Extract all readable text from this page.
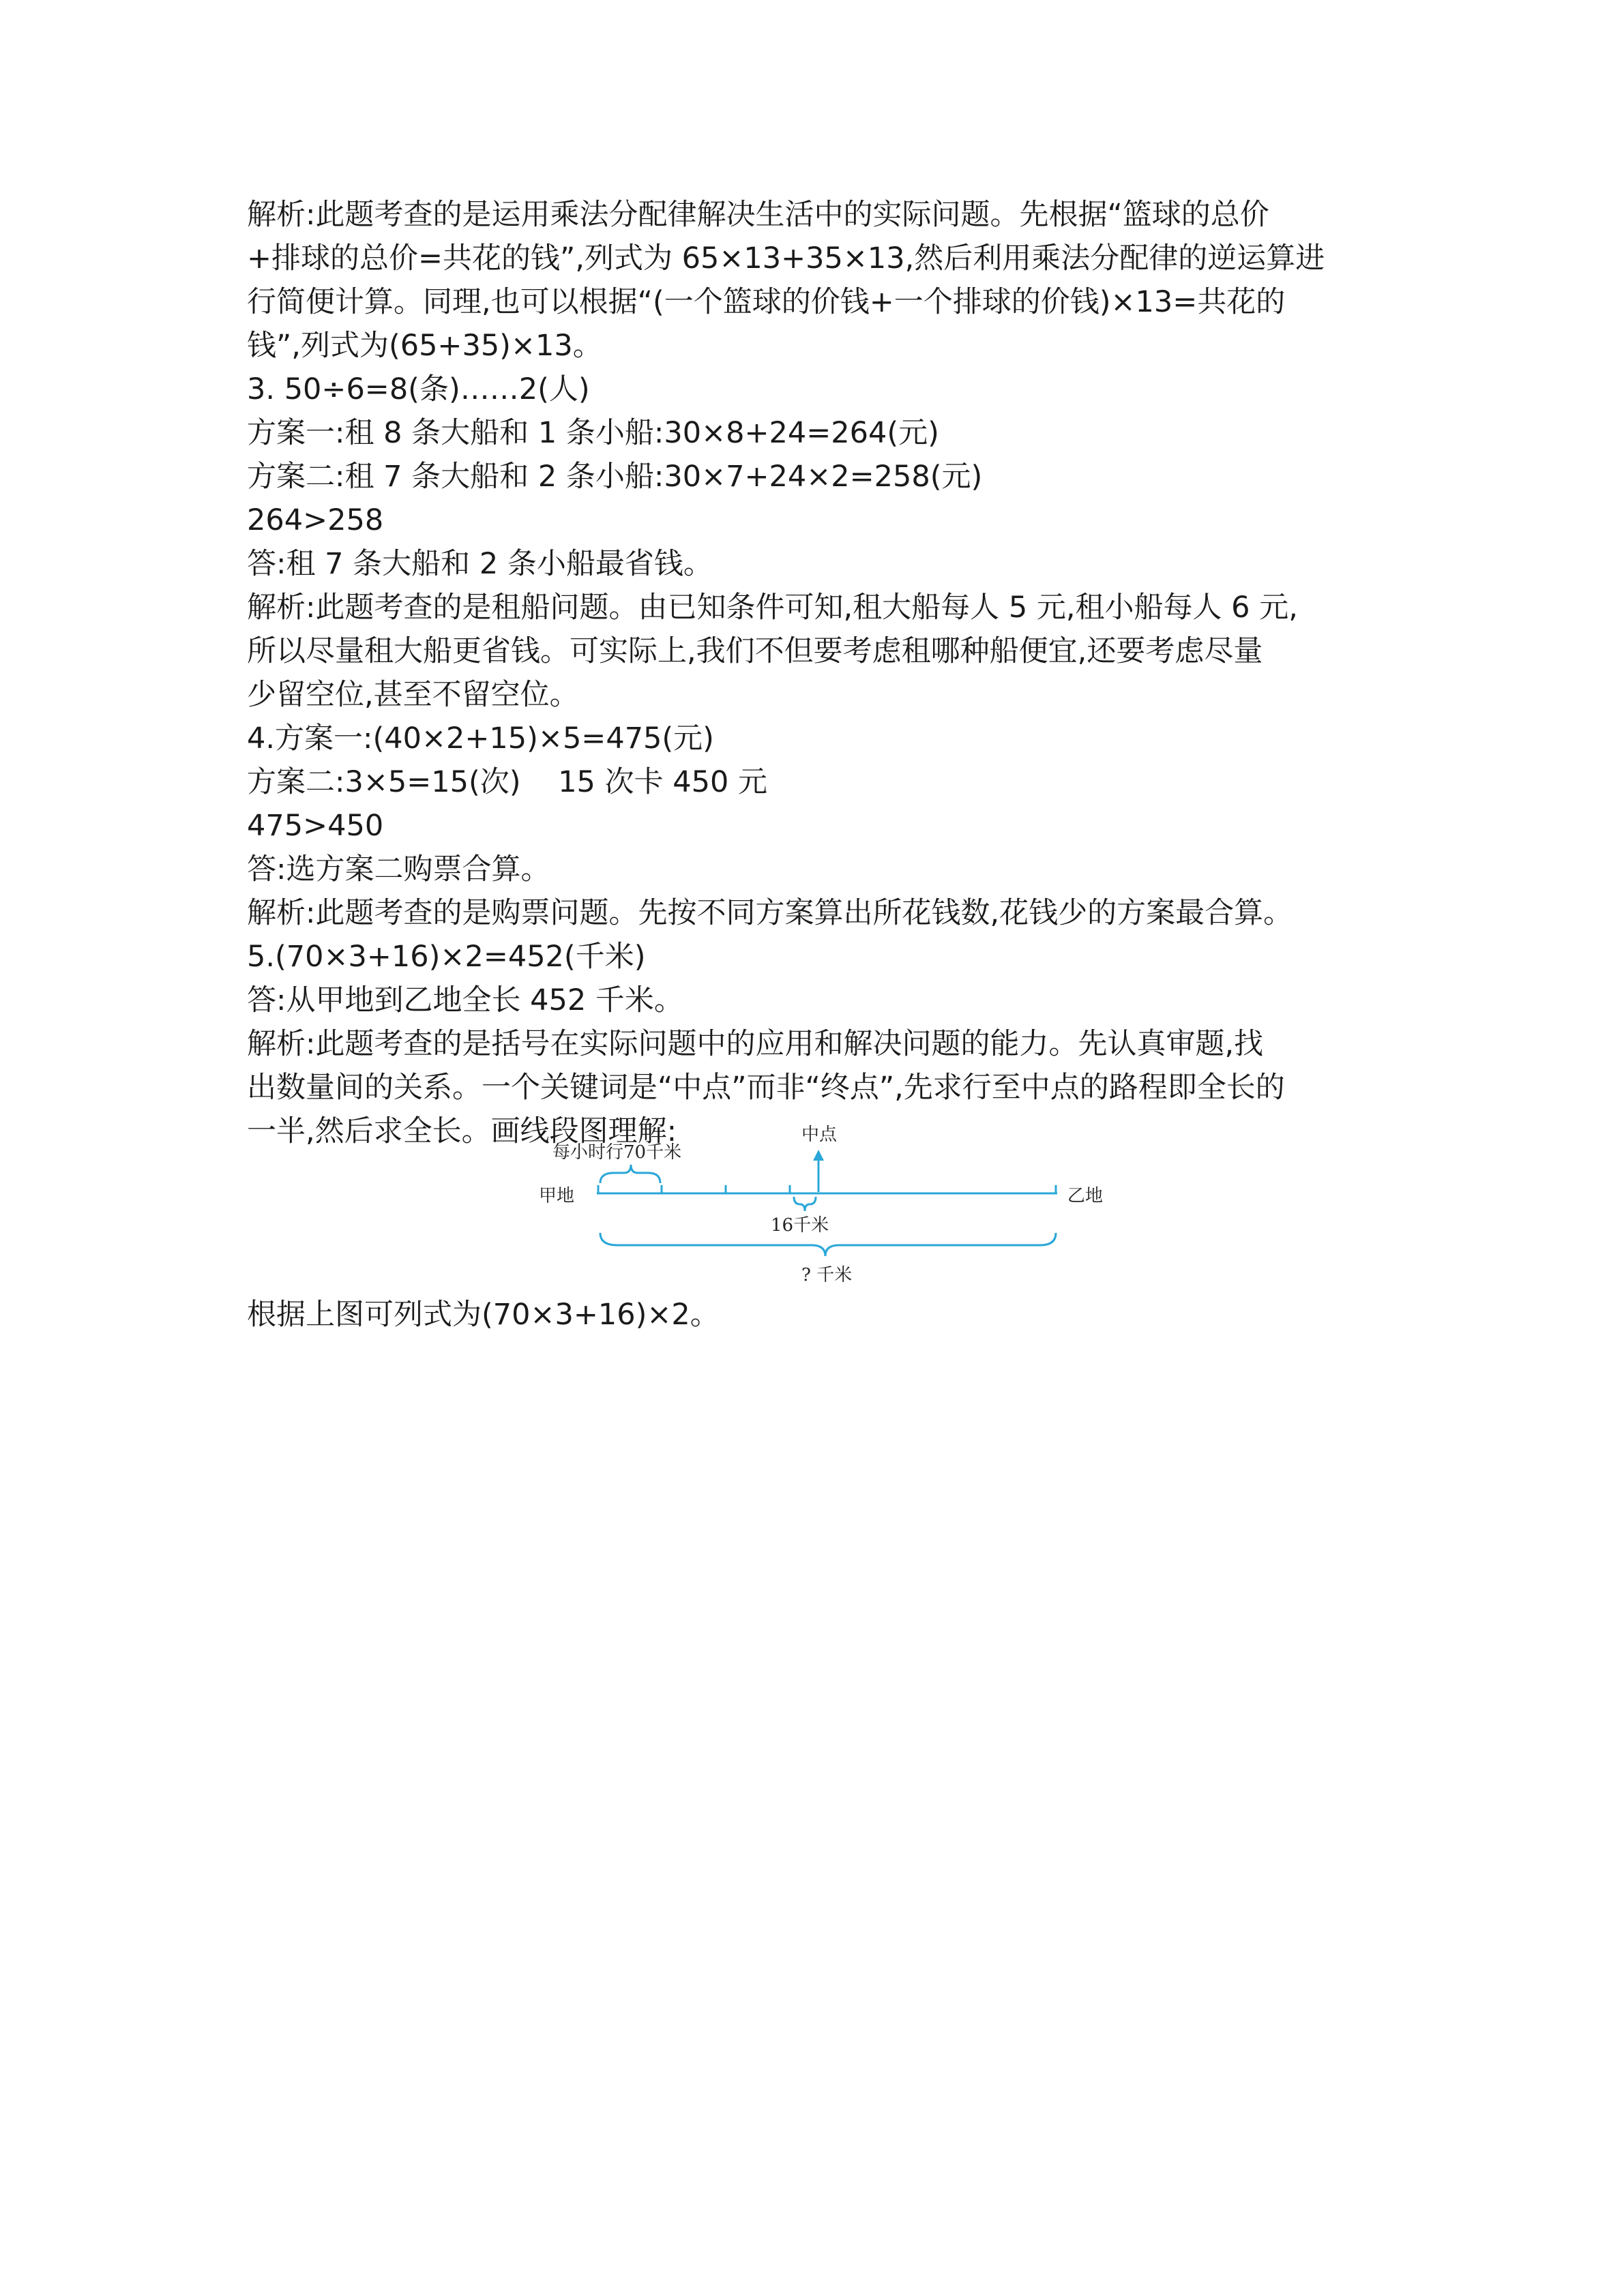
解析:此题考查的是运用乘法分配律解决生活中的实际问题。先根据“篮球的总价

+排球的总价=共花的钱”,列式为 65×13+35×13,然后利用乘法分配律的逆运算进

行简便计算。同理,也可以根据“(一个篮球的价钱+一个排球的价钱)×13=共花的

钱”,列式为(65+35)×13。

3. 50÷6=8(条)……2(人)

方案一:租 8 条大船和 1 条小船:30×8+24=264(元)

方案二:租 7 条大船和 2 条小船:30×7+24×2=258(元)

264>258

答:租 7 条大船和 2 条小船最省钱。

解析:此题考查的是租船问题。由已知条件可知,租大船每人 5 元,租小船每人 6 元,

所以尽量租大船更省钱。可实际上,我们不但要考虑租哪种船便宜,还要考虑尽量

少留空位,甚至不留空位。

4.方案一:(40×2+15)×5=475(元)

方案二:3×5=15(次)    15 次卡 450 元

475>450

答:选方案二购票合算。

解析:此题考查的是购票问题。先按不同方案算出所花钱数,花钱少的方案最合算。

5.(70×3+16)×2=452(千米)

答:从甲地到乙地全长 452 千米。

解析:此题考查的是括号在实际问题中的应用和解决问题的能力。先认真审题,找

出数量间的关系。一个关键词是“中点”而非“终点”,先求行至中点的路程即全长的

一半,然后求全长。画线段图理解:

甲地	乙地
每小时行70千米
中点
16千米
? 千米
根据上图可列式为(70×3+16)×2。
